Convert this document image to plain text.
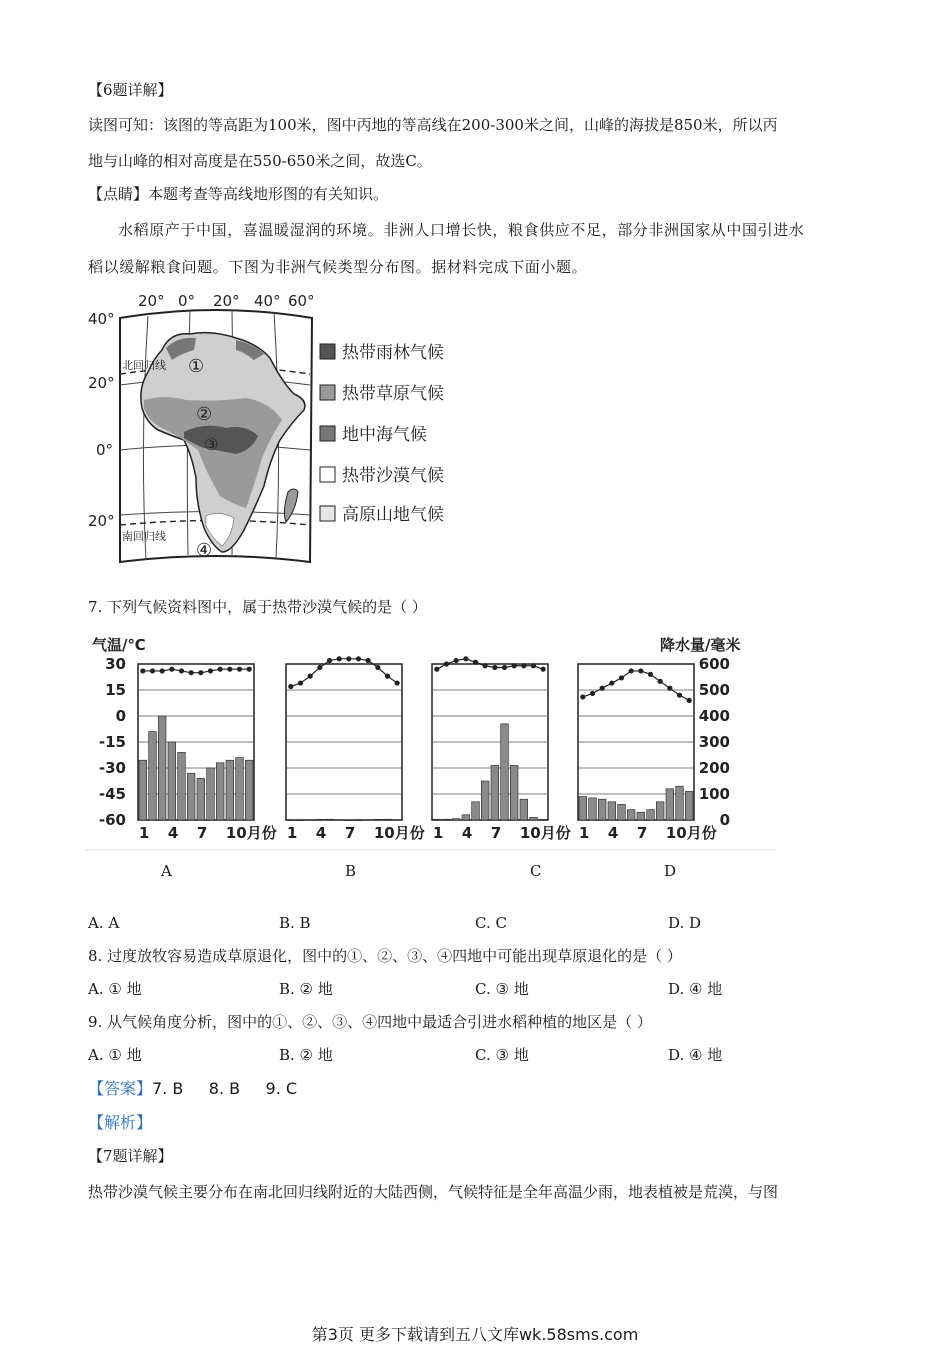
【6题详解】
读图可知：该图的等高距为100米，图中丙地的等高线在200-300米之间，山峰的海拔是850米，所以丙
地与山峰的相对高度是在550-650米之间，故选C。
【点睛】本题考查等高线地形图的有关知识。
水稻原产于中国，喜温暖湿润的环境。非洲人口增长快，粮食供应不足，部分非洲国家从中国引进水
稻以缓解粮食问题。下图为非洲气候类型分布图。据材料完成下面小题。
20° 0° 20° 40° 60°
40°
20°
0°
20°
北回归线
南回归线
①
②
③
④
热带雨林气候
热带草原气候
地中海气候
热带沙漠气候
高原山地气候
7. 下列气候资料图中，属于热带沙漠气候的是（ ）
气温/℃	降水量/毫米
30
15
0
-15
-30
-45
-60
600
500
400
300
200
100
0
1 4 7 10月份 1 4 7 10月份 1 4 7 10月份 1 4 7 10月份
A	B	C	D
A. A	B. B	C. C	D. D
8. 过度放牧容易造成草原退化，图中的①、②、③、④四地中可能出现草原退化的是（ ）
A. ① 地	B. ② 地	C. ③ 地	D. ④ 地
9. 从气候角度分析，图中的①、②、③、④四地中最适合引进水稻种植的地区是（ ）
A. ① 地	B. ② 地	C. ③ 地	D. ④ 地
【答案】7. B     8. B     9. C
【解析】
【7题详解】
热带沙漠气候主要分布在南北回归线附近的大陆西侧，气候特征是全年高温少雨，地表植被是荒漠，与图
第3页 更多下载请到五八文库wk.58sms.com
